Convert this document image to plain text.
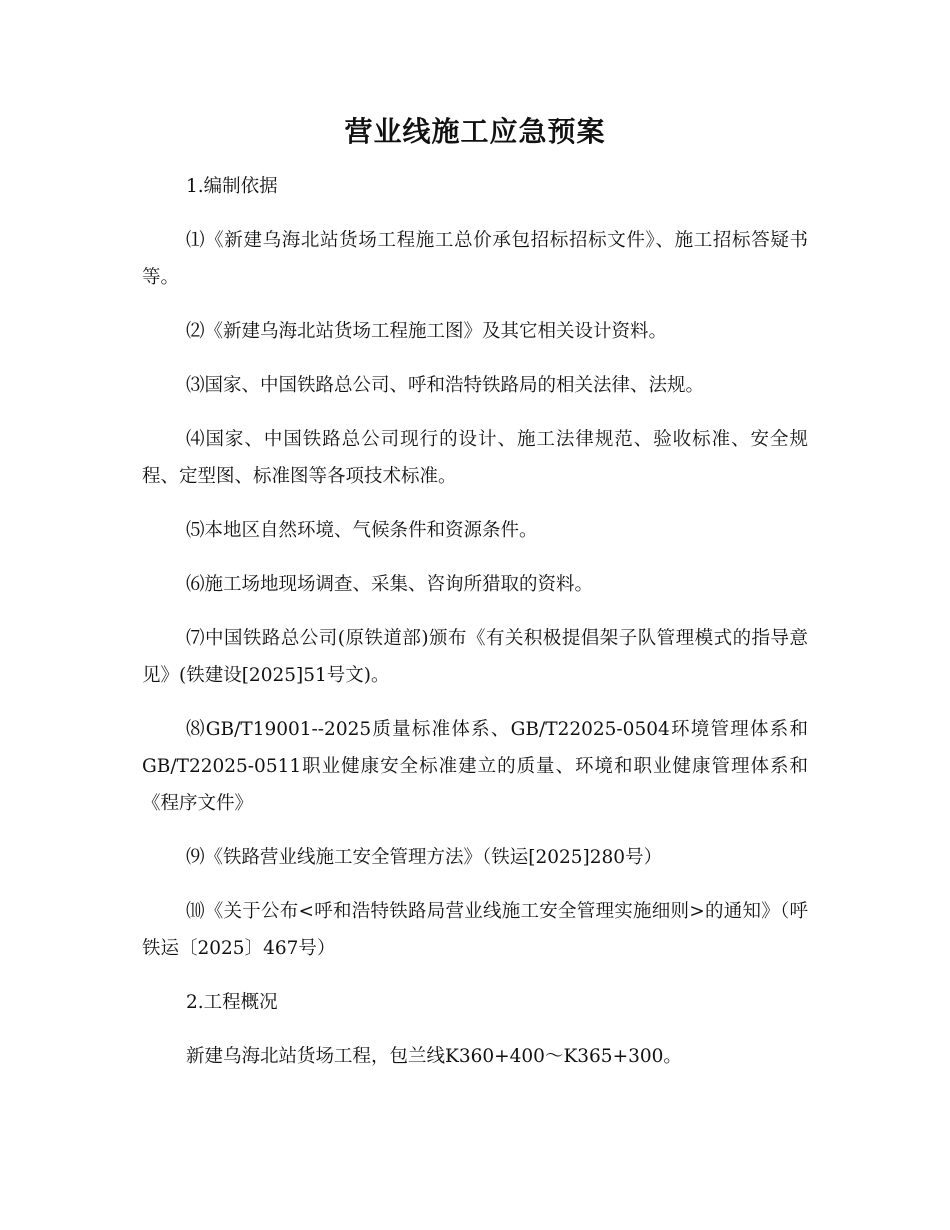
营业线施工应急预案

1.编制依据

⑴《新建乌海北站货场工程施工总价承包招标招标文件》、施工招标答疑书等。

⑵《新建乌海北站货场工程施工图》及其它相关设计资料。

⑶国家、中国铁路总公司、呼和浩特铁路局的相关法律、法规。

⑷国家、中国铁路总公司现行的设计、施工法律规范、验收标准、安全规程、定型图、标准图等各项技术标准。

⑸本地区自然环境、气候条件和资源条件。

⑹施工场地现场调查、采集、咨询所猎取的资料。

⑺中国铁路总公司(原铁道部)颁布《有关积极提倡架子队管理模式的指导意见》(铁建设[2025]51号文)。

⑻GB/T19001--2025质量标准体系、GB/T22025-0504环境管理体系和GB/T22025-0511职业健康安全标准建立的质量、环境和职业健康管理体系和《程序文件》

⑼《铁路营业线施工安全管理方法》（铁运[2025]280号）

⑽《关于公布<呼和浩特铁路局营业线施工安全管理实施细则>的通知》（呼铁运〔2025〕467号）

2.工程概况

新建乌海北站货场工程，包兰线K360+400～K365+300。
